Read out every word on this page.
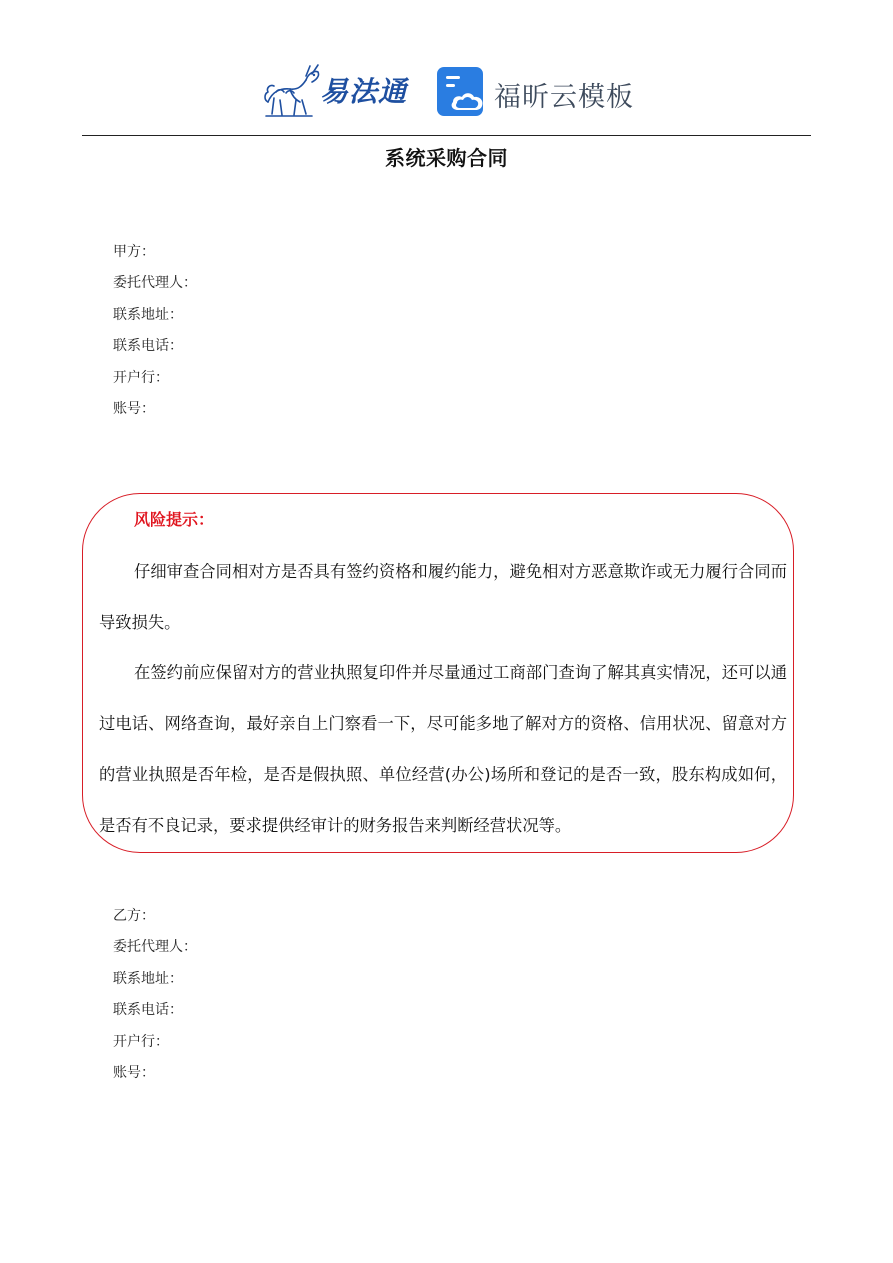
易法通	福昕云模板
系统采购合同
甲方：
委托代理人：
联系地址：
联系电话：
开户行：
账号：
风险提示：
仔细审查合同相对方是否具有签约资格和履约能力，避免相对方恶意欺诈或无力履行合同而导致损失。
在签约前应保留对方的营业执照复印件并尽量通过工商部门查询了解其真实情况，还可以通过电话、网络查询，最好亲自上门察看一下，尽可能多地了解对方的资格、信用状况、留意对方的营业执照是否年检，是否是假执照、单位经营(办公)场所和登记的是否一致，股东构成如何，是否有不良记录，要求提供经审计的财务报告来判断经营状况等。
乙方：
委托代理人：
联系地址：
联系电话：
开户行：
账号：
